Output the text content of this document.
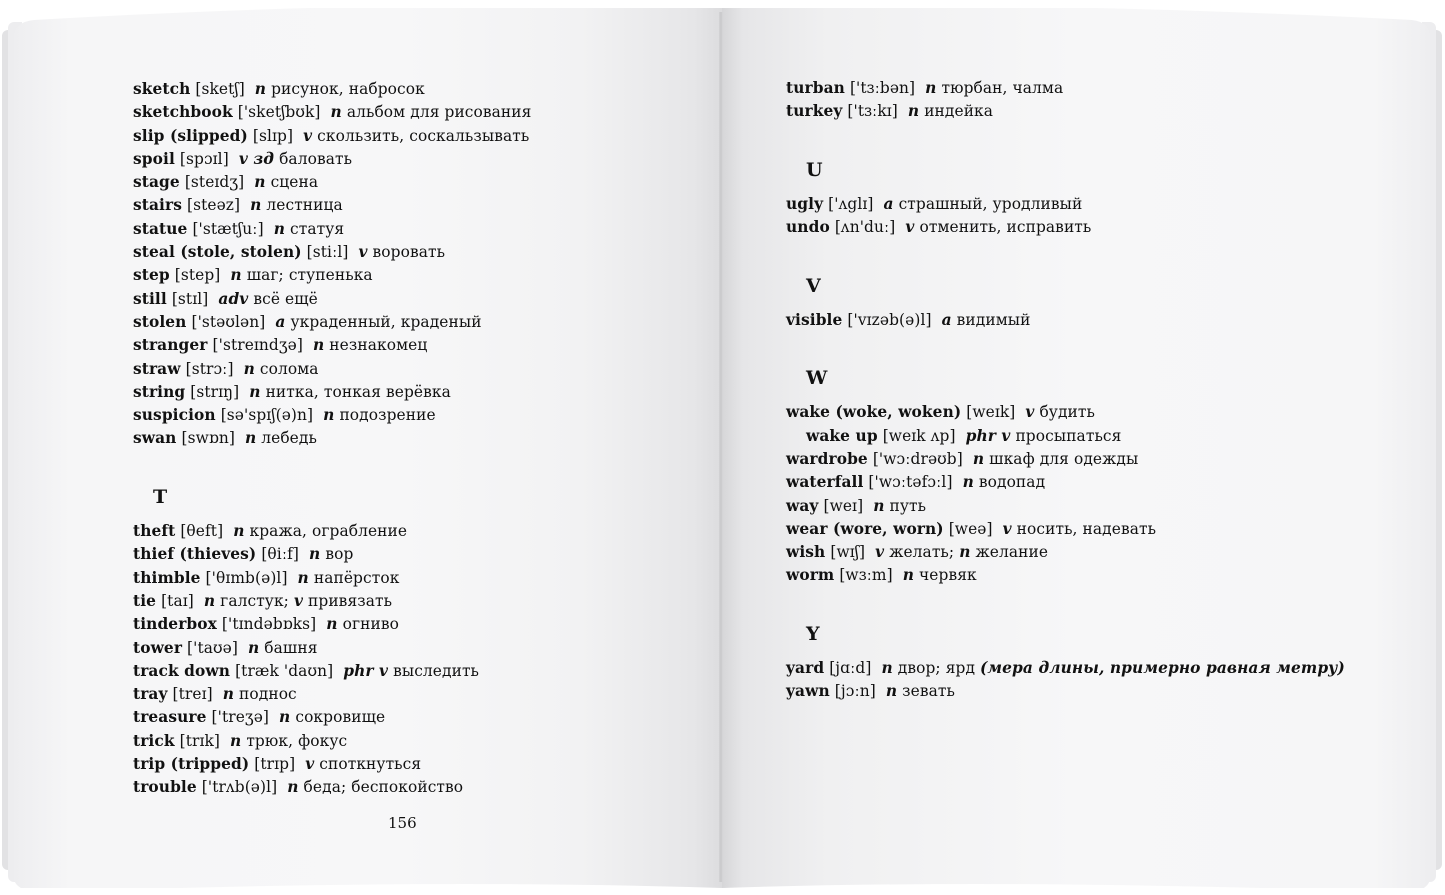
sketch [sketʃ] n рисунок, набросок
sketchbook ['sketʃbʊk] n альбом для рисования
slip (slipped) [slɪp] v скользить, соскальзывать
spoil [spɔɪl] v зд баловать
stage [steɪdʒ] n сцена
stairs [steəz] n лестница
statue ['stætʃuː] n статуя
steal (stole, stolen) [stiːl] v воровать
step [step] n шаг; ступенька
still [stɪl] adv всё ещё
stolen ['stəʊlən] a украденный, краденый
stranger ['streɪndʒə] n незнакомец
straw [strɔː] n солома
string [strɪŋ] n нитка, тонкая верёвка
suspicion [sə'spɪʃ(ə)n] n подозрение
swan [swɒn] n лебедь
T
theft [θeft] n кража, ограбление
thief (thieves) [θiːf] n вор
thimble ['θɪmb(ə)l] n напёрсток
tie [taɪ] n галстук; v привязать
tinderbox ['tɪndəbɒks] n огниво
tower ['taʊə] n башня
track down [træk 'daʊn] phr v выследить
tray [treɪ] n поднос
treasure ['treʒə] n сокровище
trick [trɪk] n трюк, фокус
trip (tripped) [trɪp] v споткнуться
trouble ['trʌb(ə)l] n беда; беспокойство
156
turban ['tɜːbən] n тюрбан, чалма
turkey ['tɜːkɪ] n индейка
U
ugly ['ʌglɪ] a страшный, уродливый
undo [ʌn'duː] v отменить, исправить
V
visible ['vɪzəb(ə)l] a видимый
W
wake (woke, woken) [weɪk] v будить
wake up [weɪk ʌp] phr v просыпаться
wardrobe ['wɔːdrəʊb] n шкаф для одежды
waterfall ['wɔːtəfɔːl] n водопад
way [weɪ] n путь
wear (wore, worn) [weə] v носить, надевать
wish [wɪʃ] v желать; n желание
worm [wɜːm] n червяк
Y
yard [jɑːd] n двор; ярд (мера длины, примерно равная метру)
yawn [jɔːn] n зевать
